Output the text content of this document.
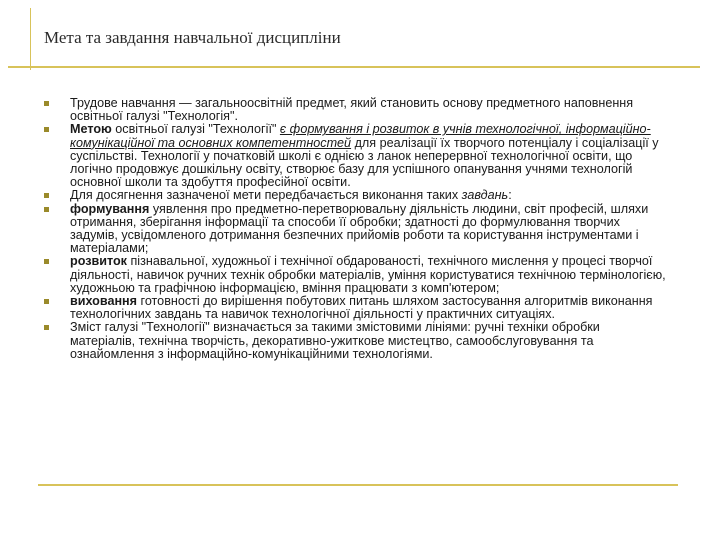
Мета та завдання навчальної дисципліни
Трудове навчання — загальноосвітній предмет, який становить основу предметного наповнення освітньої галузі "Технологія".
Метою освітньої галузі "Технології" є формування і розвиток в учнів технологічної, інформаційно-комунікаційної та основних компетентностей для реалізації їх творчого потенціалу і соціалізації у суспільстві. Технології у початковій школі є однією з ланок неперервної технологічної освіти, що логічно продовжує дошкільну освіту, створює базу для успішного опанування учнями технологій основної школи та здобуття професійної освіти.
Для досягнення зазначеної мети передбачається виконання таких завдань:
формування уявлення про предметно-перетворювальну діяльність людини, світ професій, шляхи отримання, зберігання інформації та способи її обробки; здатності до формулювання творчих задумів, усвідомленого дотримання безпечних прийомів роботи та користування інструментами і матеріалами;
розвиток пізнавальної, художньої і технічної обдарованості, технічного мислення у процесі творчої діяльності, навичок ручних технік обробки матеріалів, уміння користуватися технічною термінологією, художньою та графічною інформацією, вміння працювати з комп'ютером;
виховання готовності до вирішення побутових питань шляхом застосування алгоритмів виконання технологічних завдань та навичок технологічної діяльності у практичних ситуаціях.
Зміст галузі "Технології" визначається за такими змістовими лініями: ручні техніки обробки матеріалів, технічна творчість, декоративно-ужиткове мистецтво, самообслуговування та ознайомлення з інформаційно-комунікаційними технологіями.
